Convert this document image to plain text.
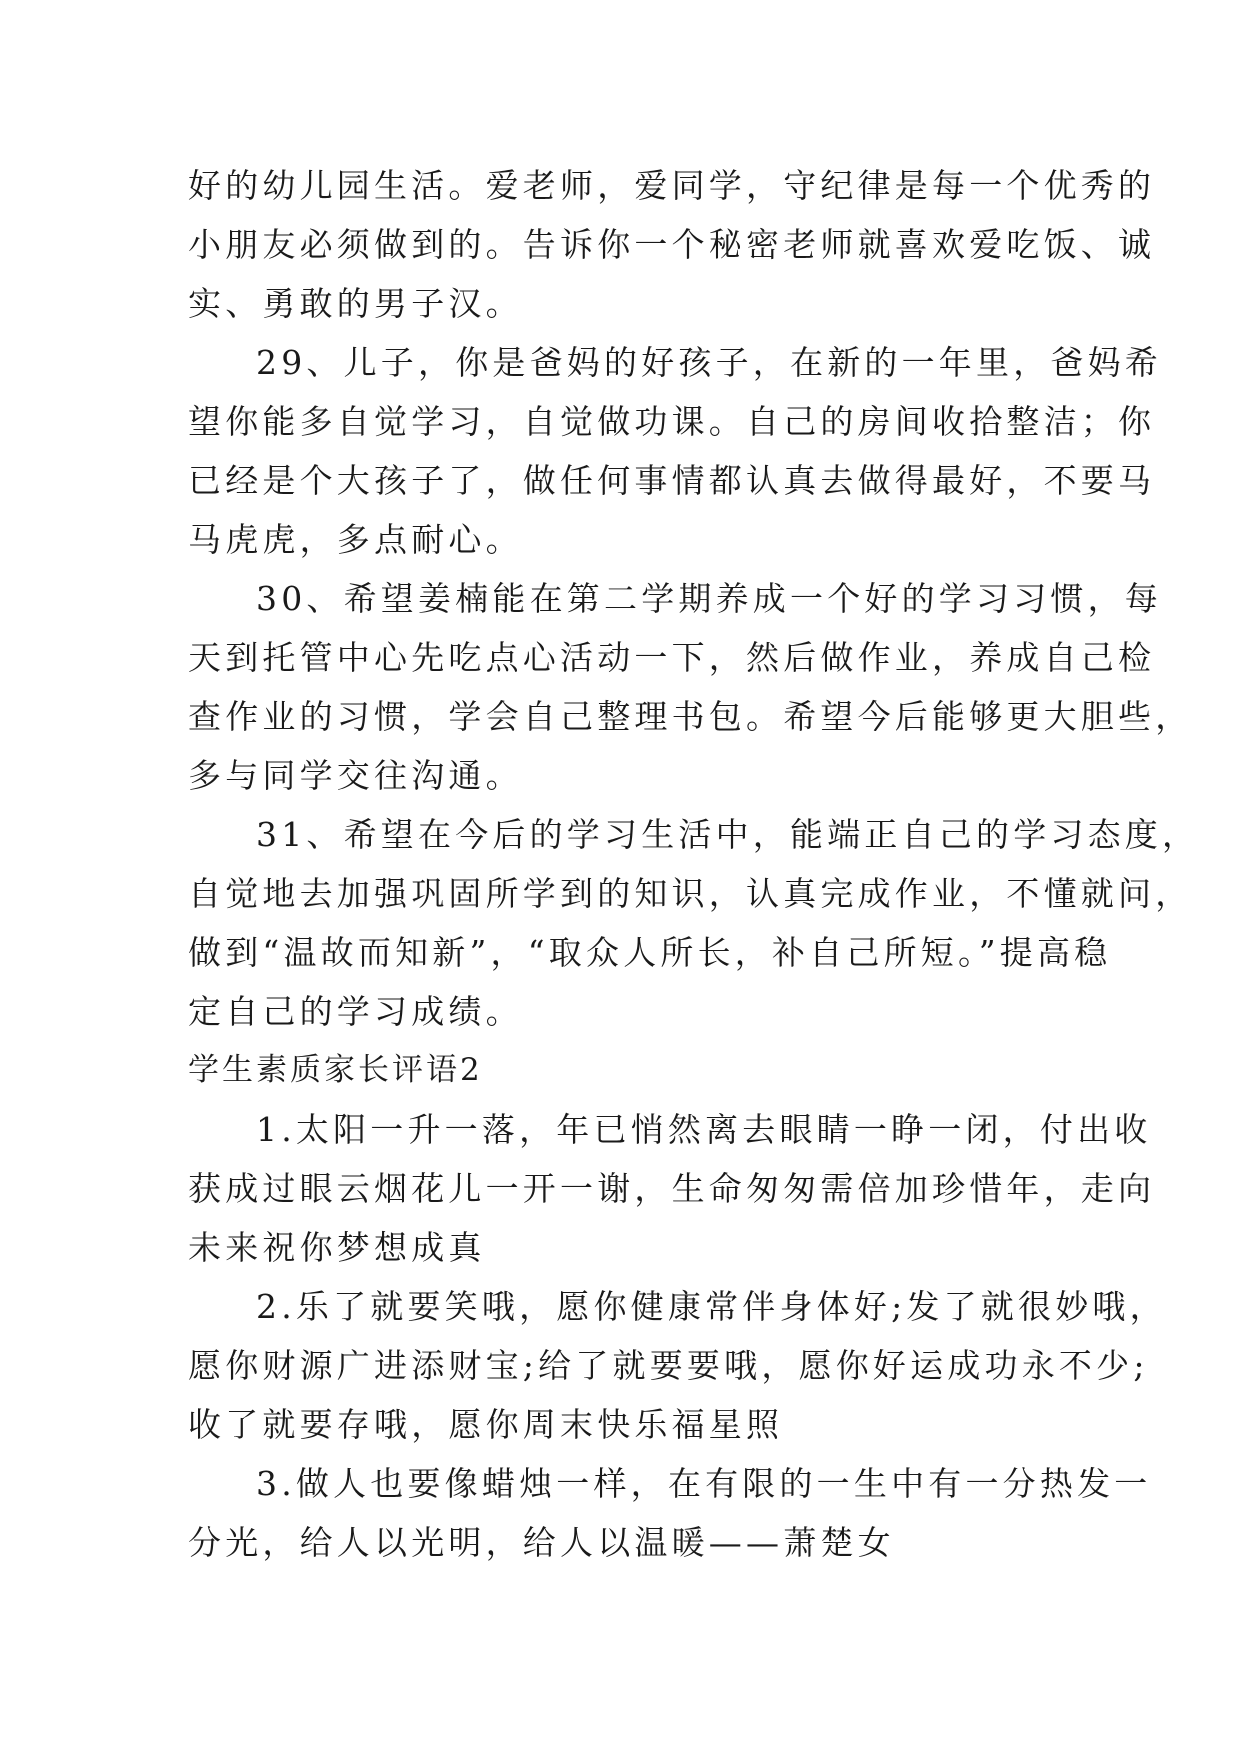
好的幼儿园生活。爱老师，爱同学，守纪律是每一个优秀的
小朋友必须做到的。告诉你一个秘密老师就喜欢爱吃饭、诚
实、勇敢的男子汉。
29、儿子，你是爸妈的好孩子，在新的一年里，爸妈希
望你能多自觉学习，自觉做功课。自己的房间收拾整洁；你
已经是个大孩子了，做任何事情都认真去做得最好，不要马
马虎虎，多点耐心。
30、希望姜楠能在第二学期养成一个好的学习习惯，每
天到托管中心先吃点心活动一下，然后做作业，养成自己检
查作业的习惯，学会自己整理书包。希望今后能够更大胆些，
多与同学交往沟通。
31、希望在今后的学习生活中，能端正自己的学习态度，
自觉地去加强巩固所学到的知识，认真完成作业，不懂就问，
做到“温故而知新”，“取众人所长，补自己所短。”提高稳
定自己的学习成绩。
学生素质家长评语2
1.太阳一升一落，年已悄然离去眼睛一睁一闭，付出收
获成过眼云烟花儿一开一谢，生命匆匆需倍加珍惜年，走向
未来祝你梦想成真
2.乐了就要笑哦，愿你健康常伴身体好;发了就很妙哦，
愿你财源广进添财宝;给了就要要哦，愿你好运成功永不少;
收了就要存哦，愿你周末快乐福星照
3.做人也要像蜡烛一样，在有限的一生中有一分热发一
分光，给人以光明，给人以温暖——萧楚女
